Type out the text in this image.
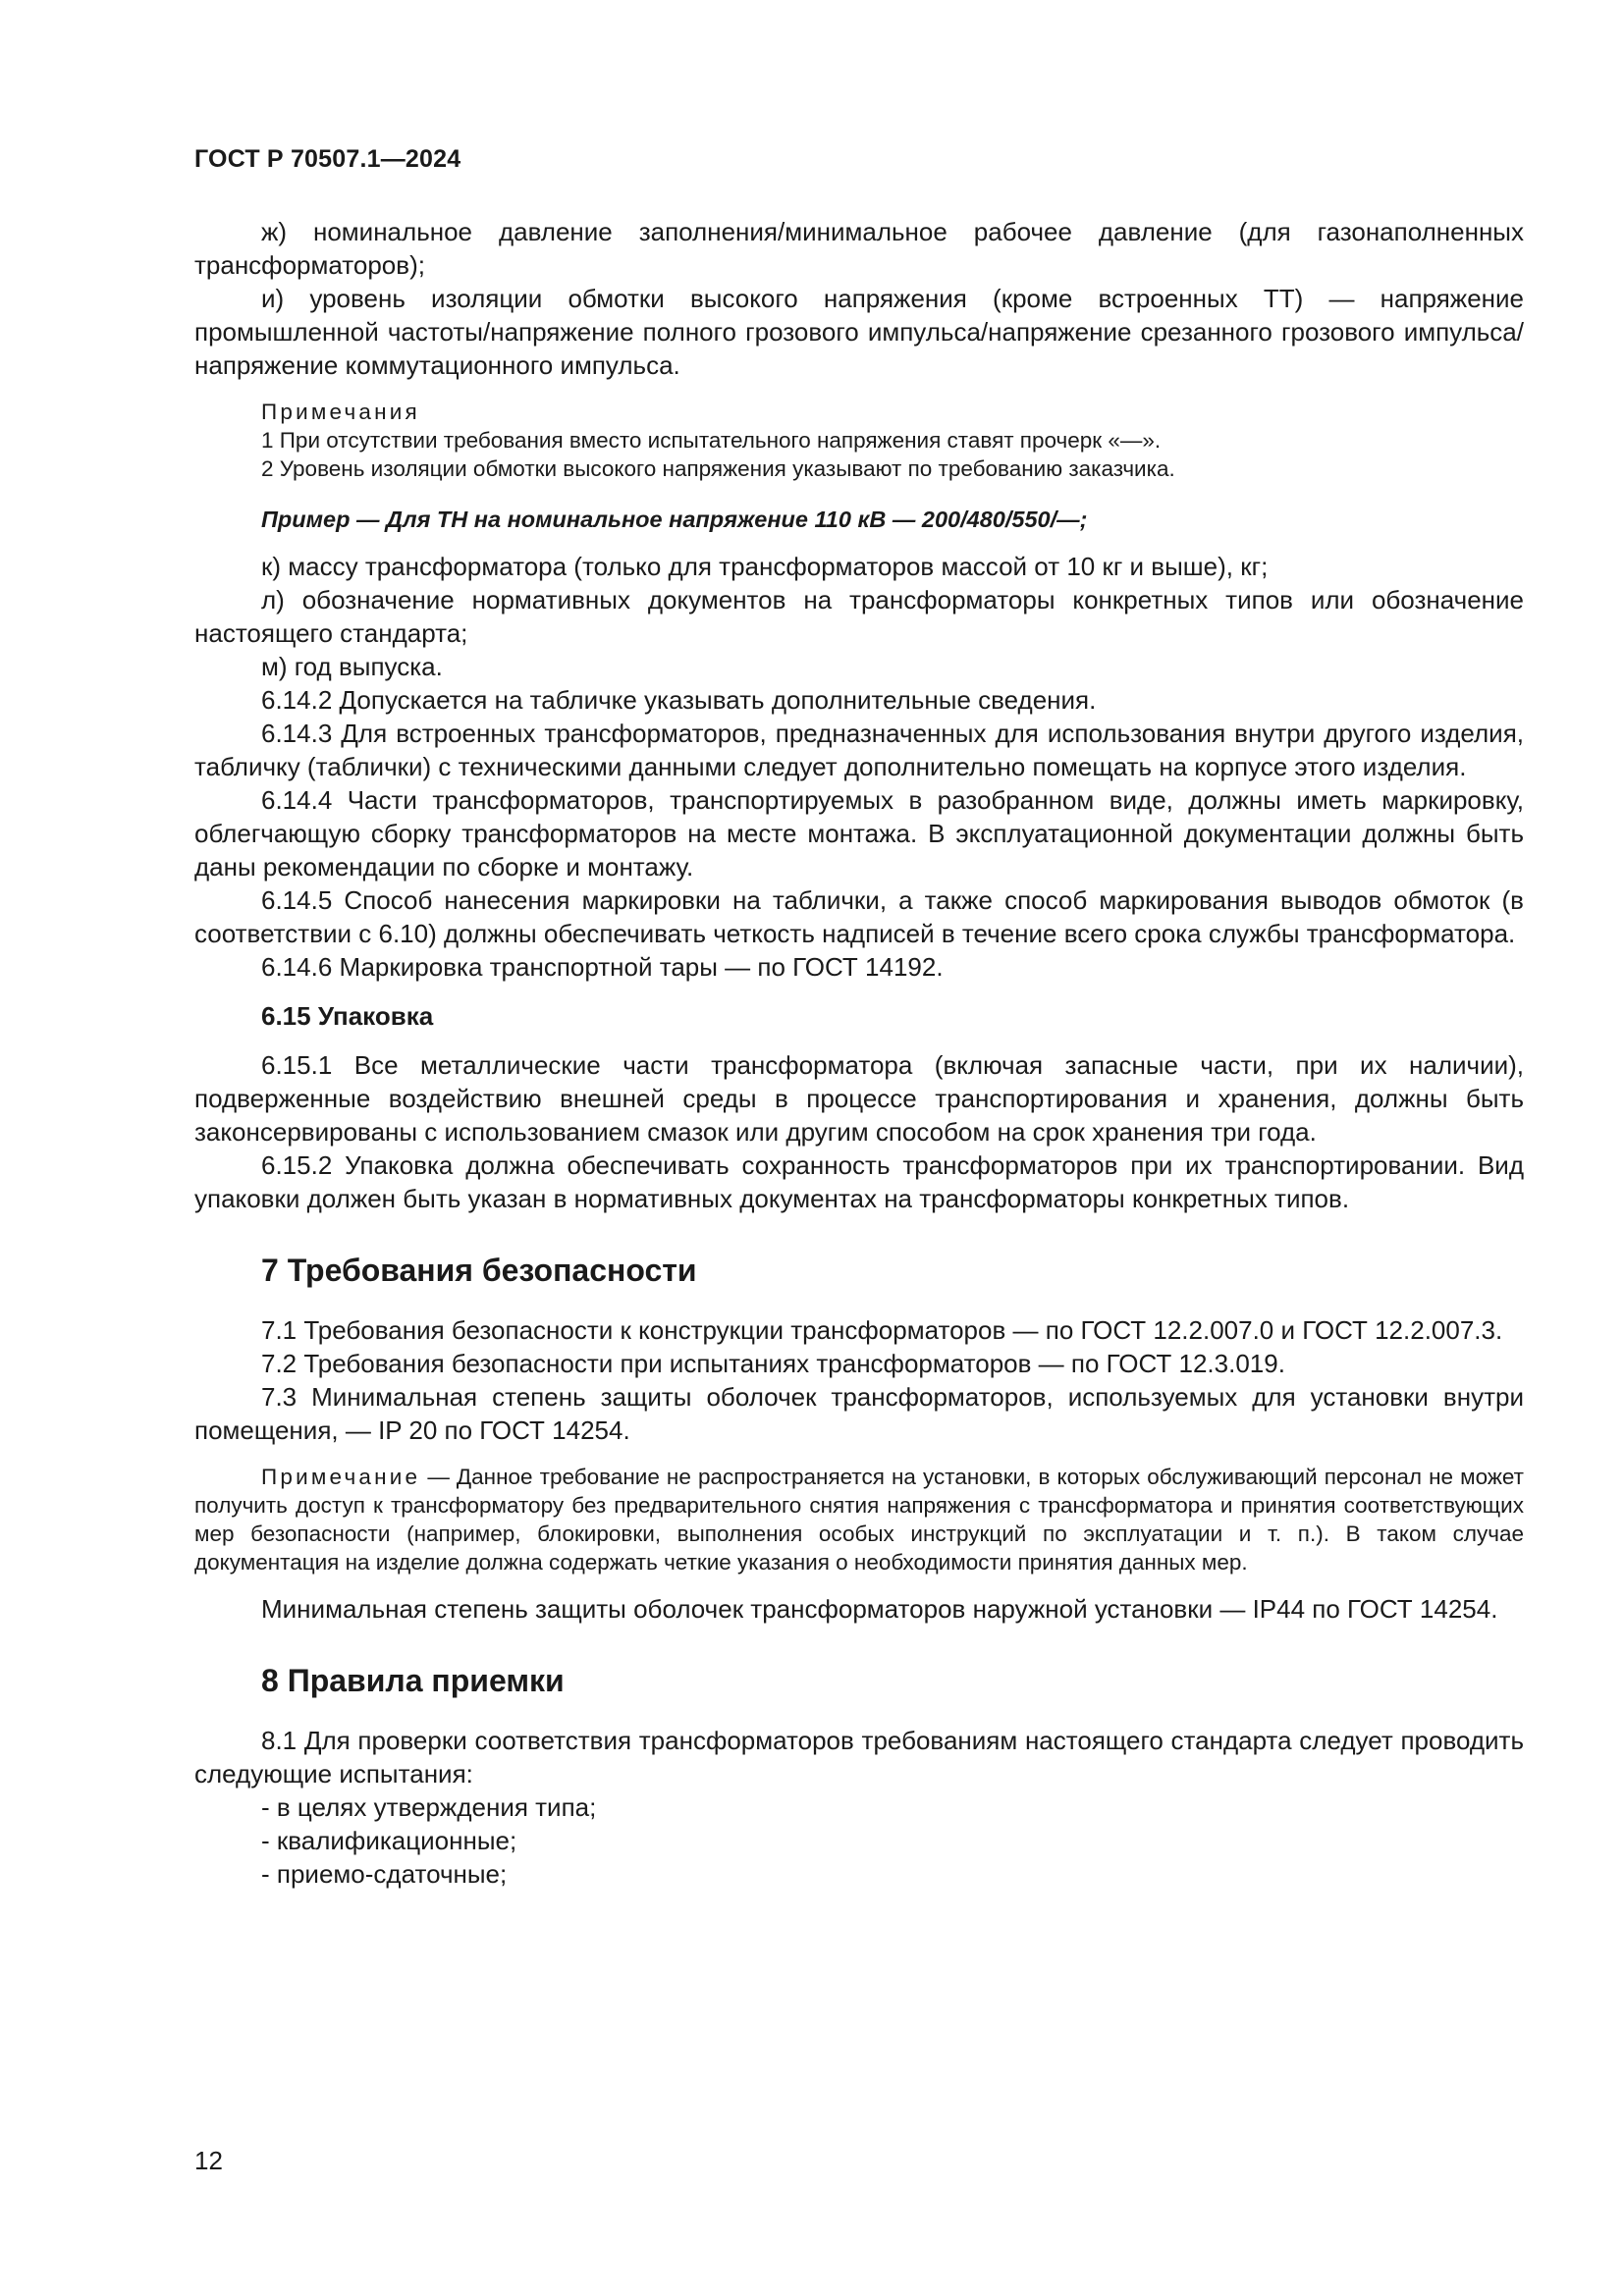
ГОСТ Р 70507.1—2024

ж) номинальное давление заполнения/минимальное рабочее давление (для газонаполненных трансформаторов);

и) уровень изоляции обмотки высокого напряжения (кроме встроенных ТТ) — напряжение промышленной частоты/напряжение полного грозового импульса/напряжение срезанного грозового импульса/напряжение коммутационного импульса.

Примечания

1 При отсутствии требования вместо испытательного напряжения ставят прочерк «—».

2 Уровень изоляции обмотки высокого напряжения указывают по требованию заказчика.

Пример — Для ТН на номинальное напряжение 110 кВ — 200/480/550/—;

к) массу трансформатора (только для трансформаторов массой от 10 кг и выше), кг;

л) обозначение нормативных документов на трансформаторы конкретных типов или обозначение настоящего стандарта;

м) год выпуска.

6.14.2 Допускается на табличке указывать дополнительные сведения.

6.14.3 Для встроенных трансформаторов, предназначенных для использования внутри другого изделия, табличку (таблички) с техническими данными следует дополнительно помещать на корпусе этого изделия.

6.14.4 Части трансформаторов, транспортируемых в разобранном виде, должны иметь маркировку, облегчающую сборку трансформаторов на месте монтажа. В эксплуатационной документации должны быть даны рекомендации по сборке и монтажу.

6.14.5 Способ нанесения маркировки на таблички, а также способ маркирования выводов обмоток (в соответствии с 6.10) должны обеспечивать четкость надписей в течение всего срока службы трансформатора.

6.14.6 Маркировка транспортной тары — по ГОСТ 14192.

6.15 Упаковка

6.15.1 Все металлические части трансформатора (включая запасные части, при их наличии), подверженные воздействию внешней среды в процессе транспортирования и хранения, должны быть законсервированы с использованием смазок или другим способом на срок хранения три года.

6.15.2 Упаковка должна обеспечивать сохранность трансформаторов при их транспортировании. Вид упаковки должен быть указан в нормативных документах на трансформаторы конкретных типов.

7 Требования безопасности

7.1 Требования безопасности к конструкции трансформаторов — по ГОСТ 12.2.007.0 и ГОСТ 12.2.007.3.

7.2 Требования безопасности при испытаниях трансформаторов — по ГОСТ 12.3.019.

7.3 Минимальная степень защиты оболочек трансформаторов, используемых для установки внутри помещения, — IP 20 по ГОСТ 14254.

Примечание — Данное требование не распространяется на установки, в которых обслуживающий персонал не может получить доступ к трансформатору без предварительного снятия напряжения с трансформатора и принятия соответствующих мер безопасности (например, блокировки, выполнения особых инструкций по эксплуатации и т. п.). В таком случае документация на изделие должна содержать четкие указания о необходимости принятия данных мер.

Минимальная степень защиты оболочек трансформаторов наружной установки — IP44 по ГОСТ 14254.

8 Правила приемки

8.1 Для проверки соответствия трансформаторов требованиям настоящего стандарта следует проводить следующие испытания:

- в целях утверждения типа;
- квалификационные;
- приемо-сдаточные;
12
